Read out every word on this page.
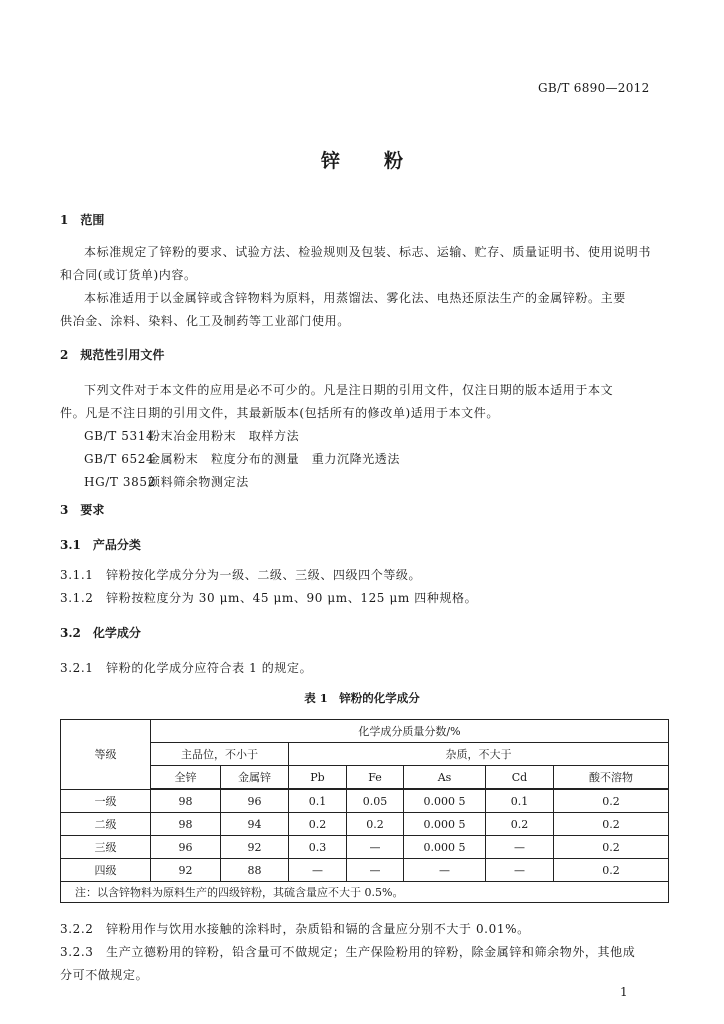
GB/T 6890—2012
锌 粉
1　范围
本标准规定了锌粉的要求、试验方法、检验规则及包装、标志、运输、贮存、质量证明书、使用说明书
和合同(或订货单)内容。
本标准适用于以金属锌或含锌物料为原料，用蒸馏法、雾化法、电热还原法生产的金属锌粉。主要
供冶金、涂料、染料、化工及制药等工业部门使用。
2　规范性引用文件
下列文件对于本文件的应用是必不可少的。凡是注日期的引用文件，仅注日期的版本适用于本文
件。凡是不注日期的引用文件，其最新版本(包括所有的修改单)适用于本文件。
GB/T 5314粉末冶金用粉末　取样方法
GB/T 6524金属粉末　粒度分布的测量　重力沉降光透法
HG/T 3852颜料筛余物测定法
3　要求
3.1　产品分类
3.1.1　锌粉按化学成分分为一级、二级、三级、四级四个等级。
3.1.2　锌粉按粒度分为 30 μm、45 μm、90 μm、125 μm 四种规格。
3.2　化学成分
3.2.1　锌粉的化学成分应符合表 1 的规定。
表 1　锌粉的化学成分
等级	化学成分质量分数/%						
	主品位，不小于		杂质，不大于				
	全锌	金属锌	Pb	Fe	As	Cd	酸不溶物
一级	98	96	0.1	0.05	0.000 5	0.1	0.2
二级	98	94	0.2	0.2	0.000 5	0.2	0.2
三级	96	92	0.3	—	0.000 5	—	0.2
四级	92	88	—	—	—	—	0.2
注：以含锌物料为原料生产的四级锌粉，其硫含量应不大于 0.5%。							
3.2.2　锌粉用作与饮用水接触的涂料时，杂质铅和镉的含量应分别不大于 0.01%。
3.2.3　生产立德粉用的锌粉，铅含量可不做规定；生产保险粉用的锌粉，除金属锌和筛余物外，其他成
分可不做规定。
1
